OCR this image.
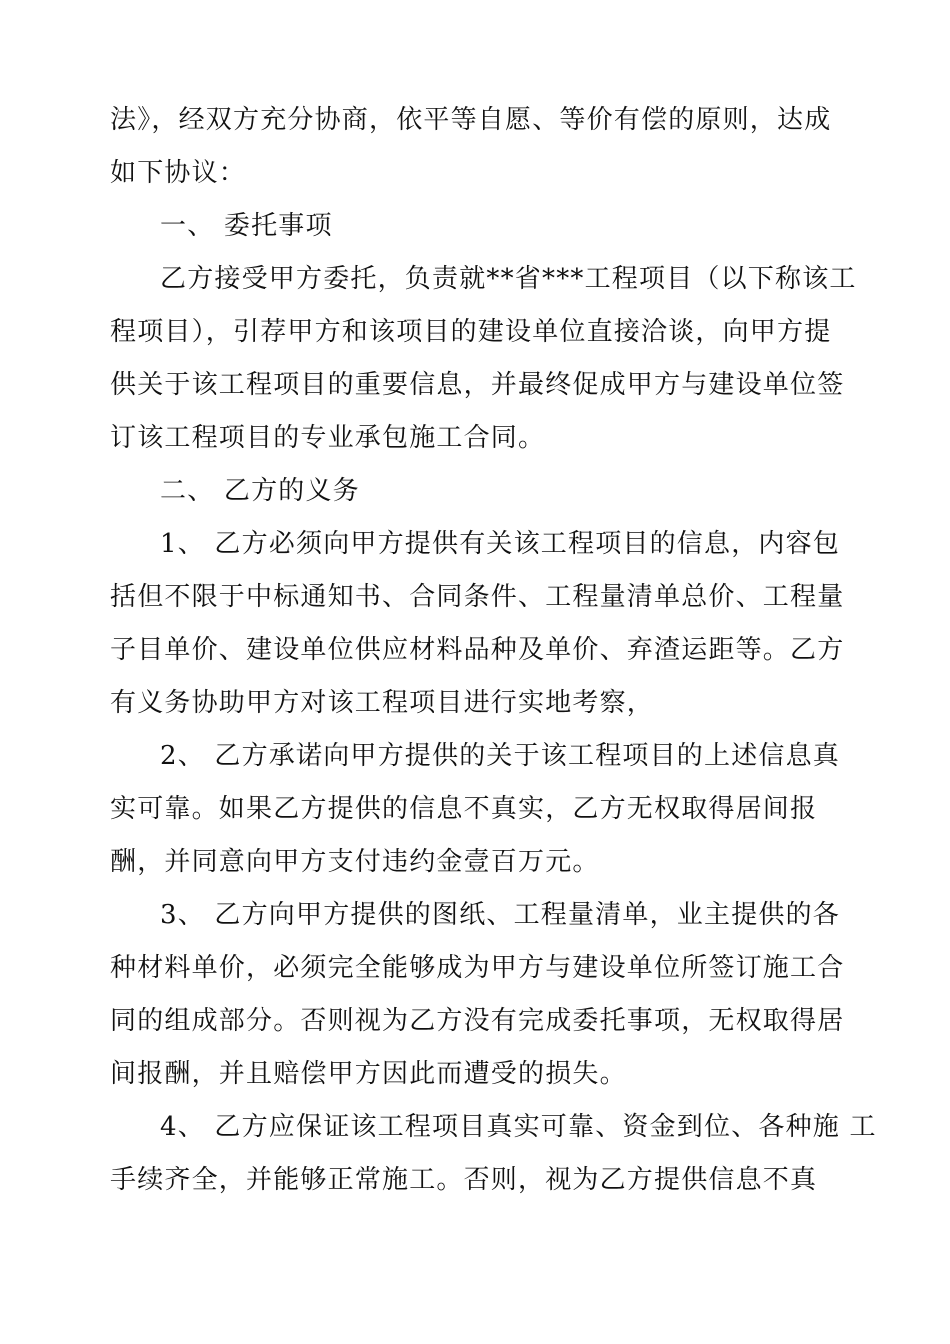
法》，经双方充分协商，依平等自愿、等价有偿的原则，达成
如下协议：
一、 委托事项
乙方接受甲方委托，负责就**省***工程项目（以下称该工
程项目），引荐甲方和该项目的建设单位直接洽谈，向甲方提
供关于该工程项目的重要信息，并最终促成甲方与建设单位签
订该工程项目的专业承包施工合同。
二、 乙方的义务
1、 乙方必须向甲方提供有关该工程项目的信息，内容包
括但不限于中标通知书、合同条件、工程量清单总价、工程量
子目单价、建设单位供应材料品种及单价、弃渣运距等。乙方
有义务协助甲方对该工程项目进行实地考察，
2、 乙方承诺向甲方提供的关于该工程项目的上述信息真
实可靠。如果乙方提供的信息不真实，乙方无权取得居间报
酬，并同意向甲方支付违约金壹百万元。
3、 乙方向甲方提供的图纸、工程量清单，业主提供的各
种材料单价，必须完全能够成为甲方与建设单位所签订施工合
同的组成部分。否则视为乙方没有完成委托事项，无权取得居
间报酬，并且赔偿甲方因此而遭受的损失。
4、 乙方应保证该工程项目真实可靠、资金到位、各种施 工
手续齐全，并能够正常施工。否则，视为乙方提供信息不真
